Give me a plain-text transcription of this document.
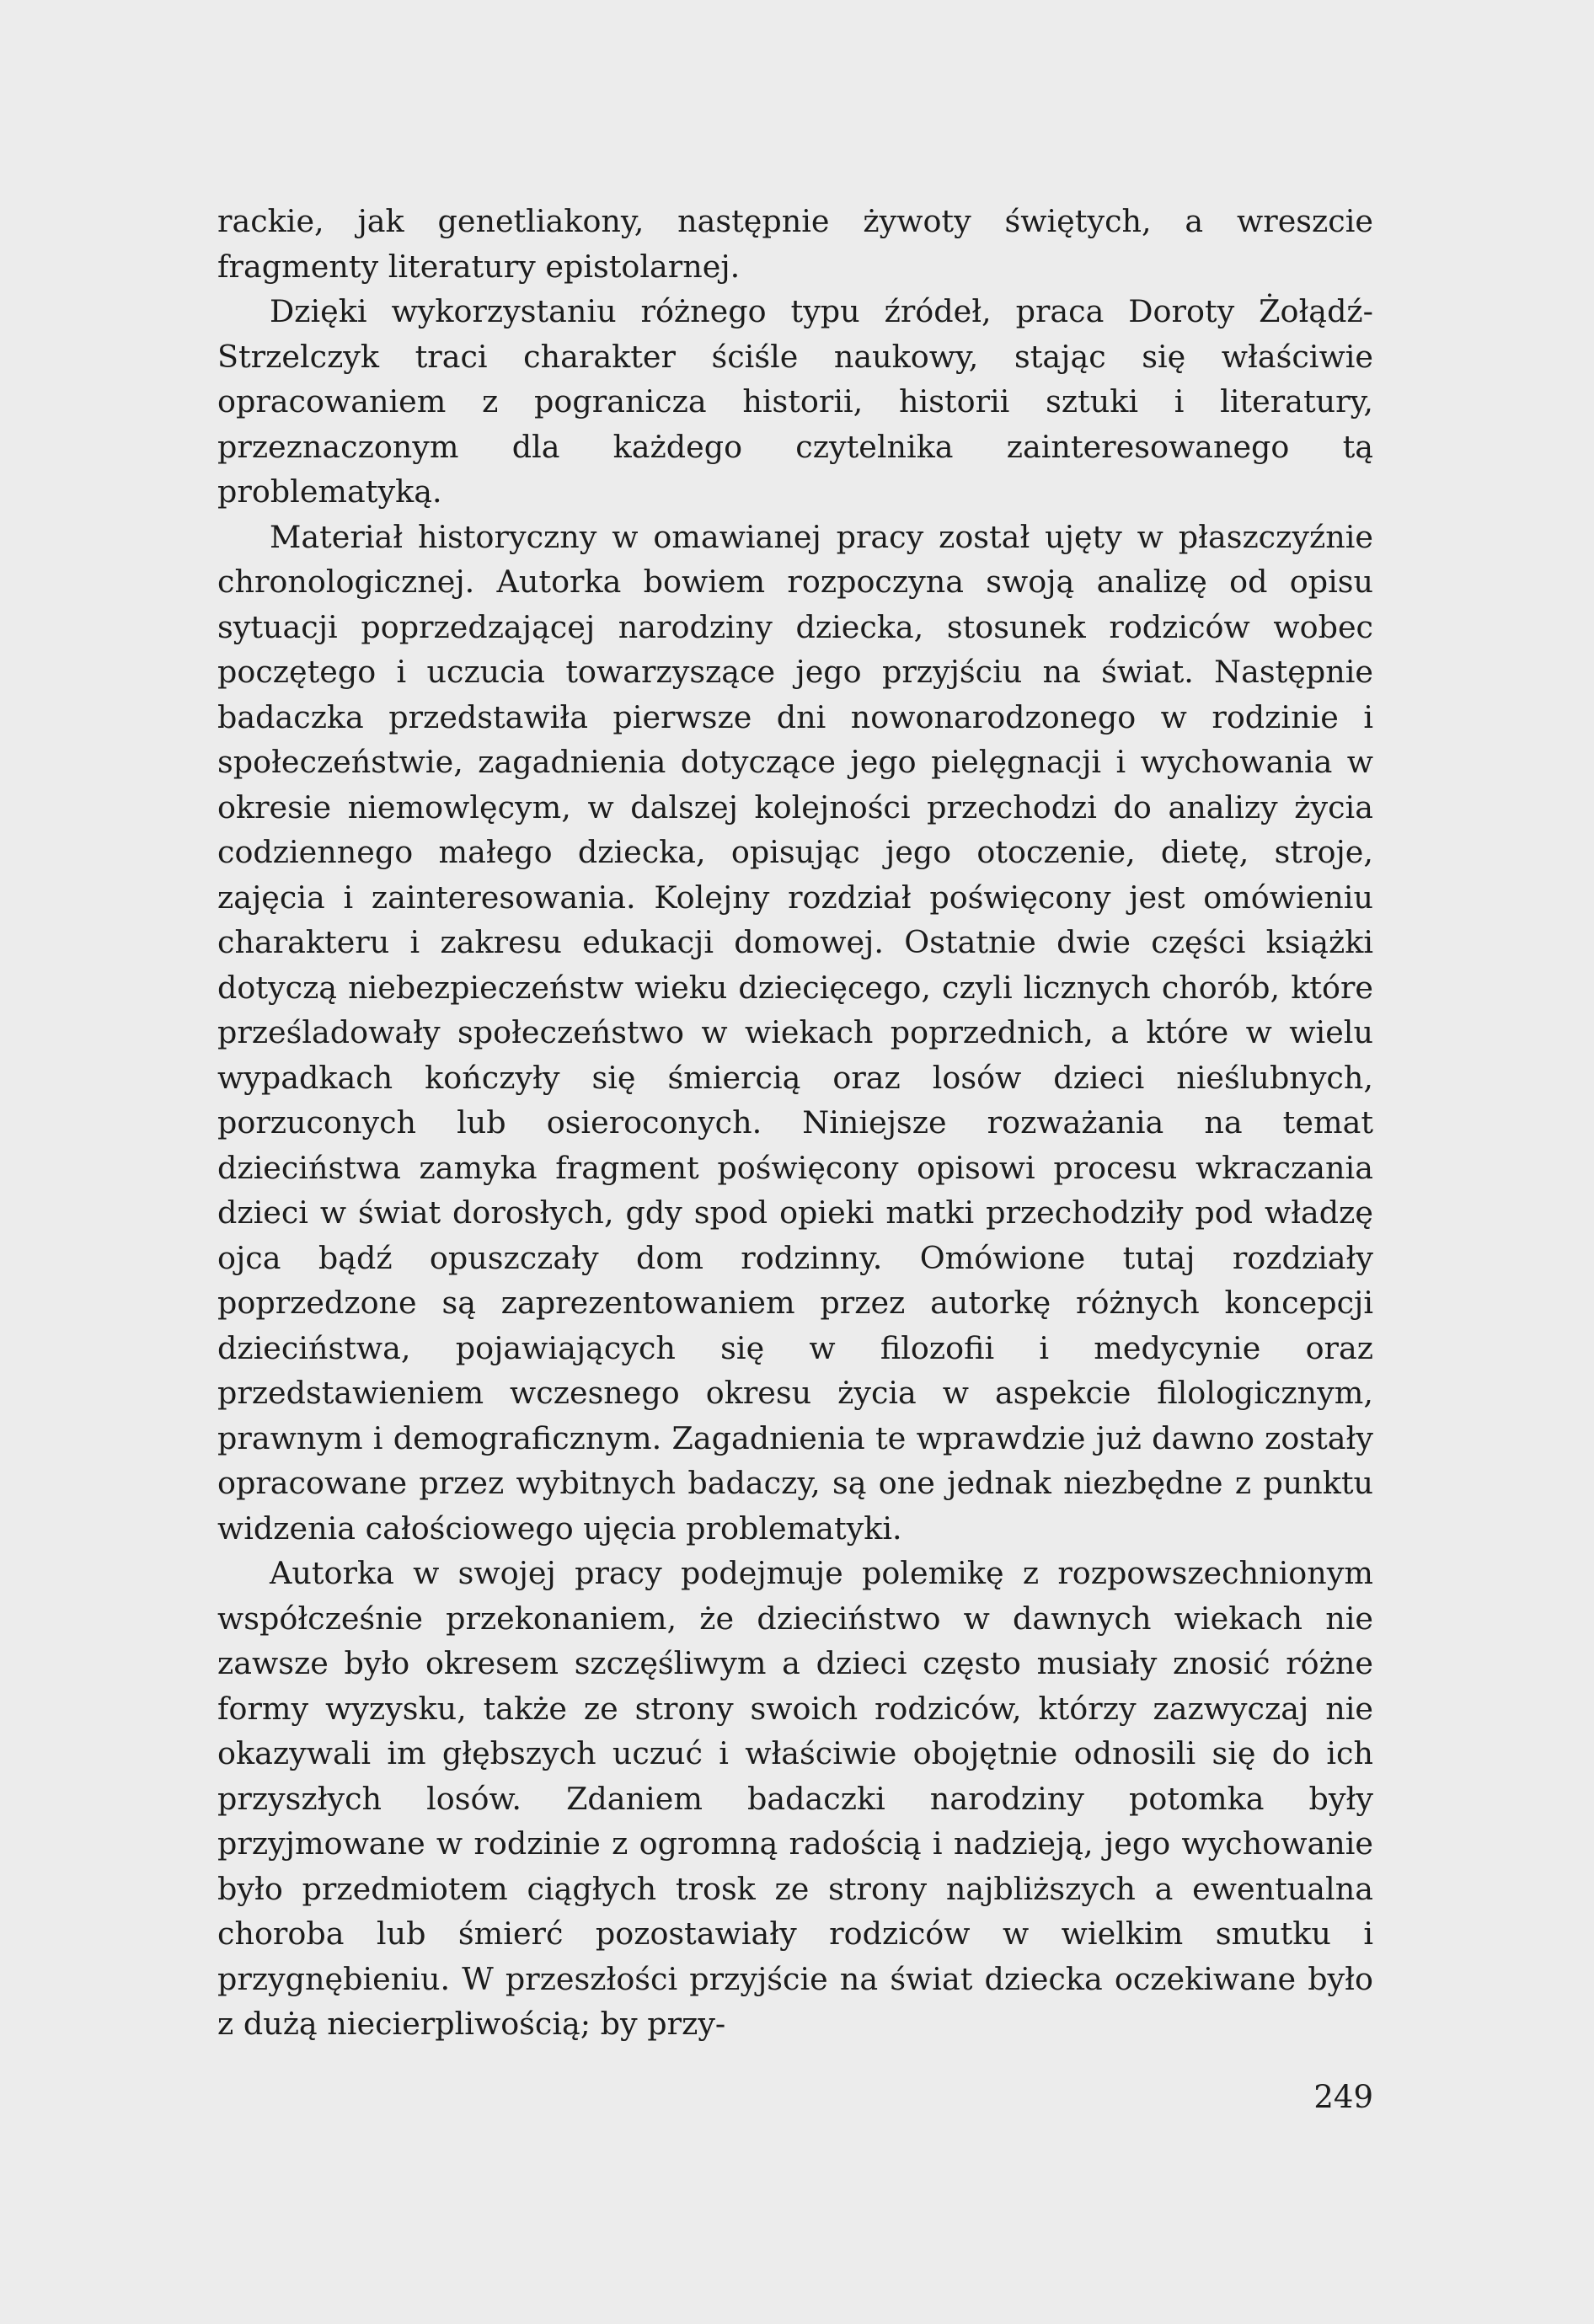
rackie, jak genetliakony, następnie żywoty świętych, a wreszcie fragmenty literatury epistolarnej.

Dzięki wykorzystaniu różnego typu źródeł, praca Doroty Żołądź-Strzelczyk traci charakter ściśle naukowy, stając się właściwie opracowaniem z pogranicza historii, historii sztuki i literatury, przeznaczonym dla każdego czytelnika zainteresowanego tą problematyką.

Materiał historyczny w omawianej pracy został ujęty w płaszczyźnie chronologicznej. Autorka bowiem rozpoczyna swoją analizę od opisu sytuacji poprzedzającej narodziny dziecka, stosunek rodziców wobec poczętego i uczucia towarzyszące jego przyjściu na świat. Następnie badaczka przedstawiła pierwsze dni nowonarodzonego w rodzinie i społeczeństwie, zagadnienia dotyczące jego pielęgnacji i wychowania w okresie niemowlęcym, w dalszej kolejności przechodzi do analizy życia codziennego małego dziecka, opisując jego otoczenie, dietę, stroje, zajęcia i zainteresowania. Kolejny rozdział poświęcony jest omówieniu charakteru i zakresu edukacji domowej. Ostatnie dwie części książki dotyczą niebezpieczeństw wieku dziecięcego, czyli licznych chorób, które prześladowały społeczeństwo w wiekach poprzednich, a które w wielu wypadkach kończyły się śmiercią oraz losów dzieci nieślubnych, porzuconych lub osieroconych. Niniejsze rozważania na temat dzieciństwa zamyka fragment poświęcony opisowi procesu wkraczania dzieci w świat dorosłych, gdy spod opieki matki przechodziły pod władzę ojca bądź opuszczały dom rodzinny. Omówione tutaj rozdziały poprzedzone są zaprezentowaniem przez autorkę różnych koncepcji dzieciństwa, pojawiających się w filozofii i medycynie oraz przedstawieniem wczesnego okresu życia w aspekcie filologicznym, prawnym i demograficznym. Zagadnienia te wprawdzie już dawno zostały opracowane przez wybitnych badaczy, są one jednak niezbędne z punktu widzenia całościowego ujęcia problematyki.

Autorka w swojej pracy podejmuje polemikę z rozpowszechnionym współcześnie przekonaniem, że dzieciństwo w dawnych wiekach nie zawsze było okresem szczęśliwym a dzieci często musiały znosić różne formy wyzysku, także ze strony swoich rodziców, którzy zazwyczaj nie okazywali im głębszych uczuć i właściwie obojętnie odnosili się do ich przyszłych losów. Zdaniem badaczki narodziny potomka były przyjmowane w rodzinie z ogromną radością i nadzieją, jego wychowanie było przedmiotem ciągłych trosk ze strony najbliższych a ewentualna choroba lub śmierć pozostawiały rodziców w wielkim smutku i przygnębieniu. W przeszłości przyjście na świat dziecka oczekiwane było z dużą niecierpliwością; by przy-

249
